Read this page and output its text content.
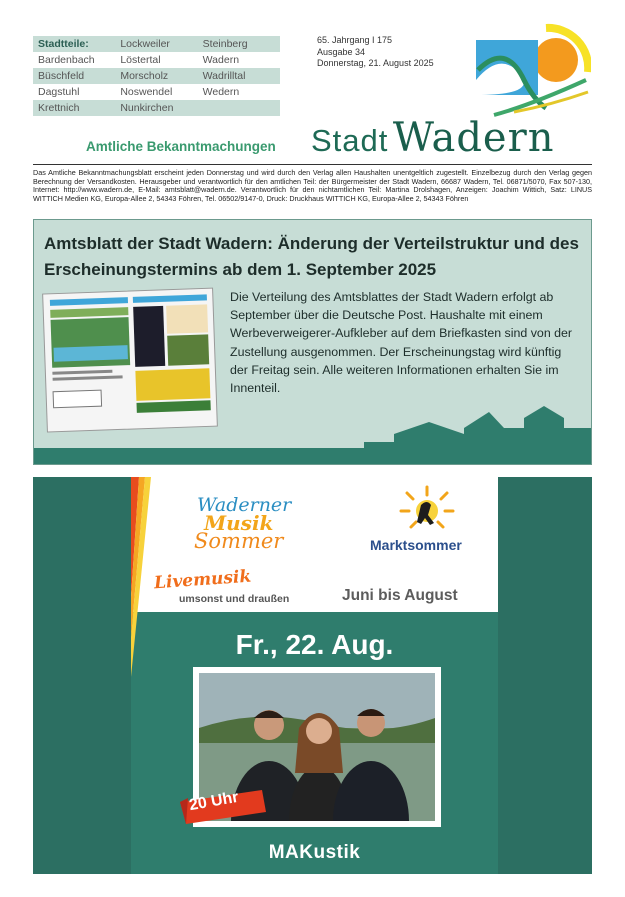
Stadtteile:	Lockweiler	Steinberg
Bardenbach	Löstertal	Wadern
Büschfeld	Morscholz	Wadrilltal
Dagstuhl	Noswendel	Wedern
Krettnich	Nunkirchen
65. Jahrgang I 175
Ausgabe 34
Donnerstag, 21. August 2025
Amtliche Bekanntmachungen Stadt Wadern

Das Amtliche Bekanntmachungsblatt erscheint jeden Donnerstag und wird durch den Verlag allen Haushalten unentgeltlich zugestellt. Einzelbezug durch den Verlag gegen Berechnung der Versandkosten. Herausgeber und verantwortlich für den amtlichen Teil: der Bürgermeister der Stadt Wadern, 66687 Wadern, Tel. 06871/5070, Fax 507-130, Internet: http://www.wadern.de, E-Mail: amtsblatt@wadern.de. Verantwortlich für den nichtamtlichen Teil: Martina Drolshagen, Anzeigen: Joachim Wittich, Satz: LINUS WITTICH Medien KG, Europa-Allee 2, 54343 Föhren, Tel. 06502/9147-0, Druck: Druckhaus WITTICH KG, Europa-Allee 2, 54343 Föhren

Amtsblatt der Stadt Wadern: Änderung der Verteilstruktur und des Erscheinungstermins ab dem 1. September 2025

Die Verteilung des Amtsblattes der Stadt Wadern erfolgt ab September über die Deutsche Post. Haushalte mit einem Werbeverweigerer-Aufkleber auf dem Briefkasten sind von der Zustellung ausgenommen. Der Erscheinungstag wird künftig der Freitag sein. Alle weiteren Informationen erhalten Sie im Innenteil.

Waderner
Musik
Sommer	Marktsommer
Livemusik
umsonst und draußen	Juni bis August
Fr., 22. Aug.
20 Uhr
MAKustik
